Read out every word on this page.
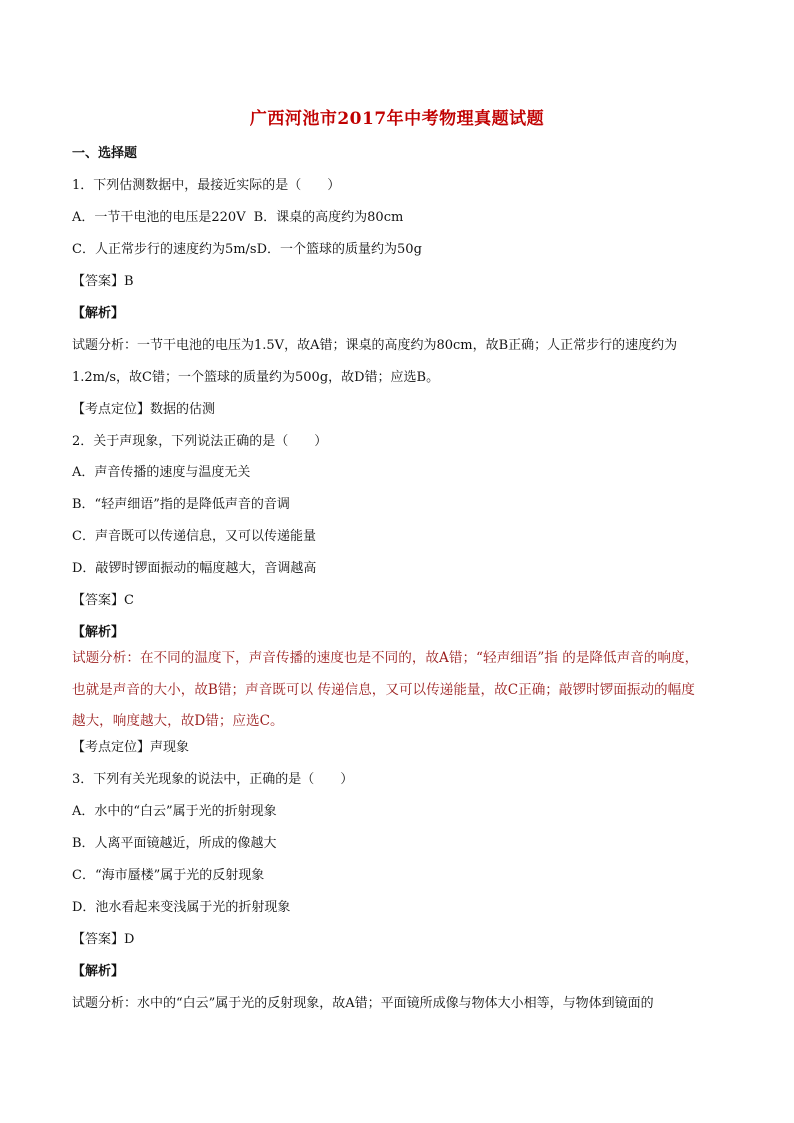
广西河池市2017年中考物理真题试题
一、选择题
1．下列估测数据中，最接近实际的是（　　）
A．一节干电池的电压是220V B．课桌的高度约为80cm
C．人正常步行的速度约为5m/sD．一个篮球的质量约为50g
【答案】B
【解析】
试题分析：一节干电池的电压为1.5V，故A错；课桌的高度约为80cm，故B正确；人正常步行的速度约为
1.2m/s，故C错；一个篮球的质量约为500g，故D错；应选B。
【考点定位】数据的估测
2．关于声现象，下列说法正确的是（　　）
A．声音传播的速度与温度无关
B．“轻声细语”指的是降低声音的音调
C．声音既可以传递信息，又可以传递能量
D．敲锣时锣面振动的幅度越大，音调越高
【答案】C
【解析】
试题分析：在不同的温度下，声音传播的速度也是不同的，故A错；“轻声细语”指 的是降低声音的响度，
也就是声音的大小，故B错；声音既可以 传递信息，又可以传递能量，故C正确；敲锣时锣面振动的幅度
越大，响度越大，故D错；应选C。
【考点定位】声现象
3．下列有关光现象的说法中，正确的是（　　）
A．水中的“白云”属于光的折射现象
B．人离平面镜越近，所成的像越大
C．“海市蜃楼”属于光的反射现象
D．池水看起来变浅属于光的折射现象
【答案】D
【解析】
试题分析：水中的“白云”属于光的反射现象，故A错；平面镜所成像与物体大小相等，与物体到镜面的
